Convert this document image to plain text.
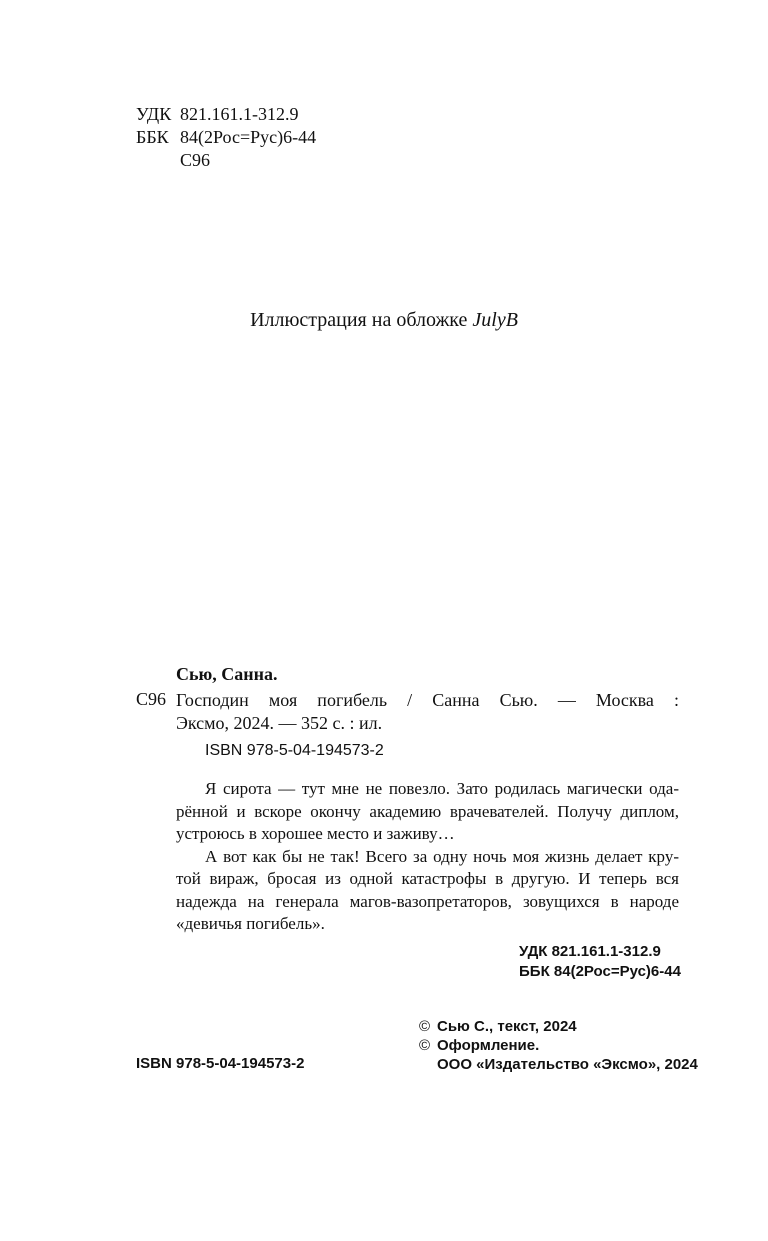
УДК 821.161.1-312.9
ББК 84(2Рос=Рус)6-44
С96
Иллюстрация на обложке JulyB
Сью, Санна.
С96 Господин моя погибель / Санна Сью. — Москва :
Эксмо, 2024. — 352 с. : ил.
ISBN 978-5-04-194573-2
Я сирота — тут мне не повезло. Зато родилась магически ода-
рённой и вскоре окончу академию врачевателей. Получу диплом,
устроюсь в хорошее место и заживу…
А вот как бы не так! Всего за одну ночь моя жизнь делает кру-
той вираж, бросая из одной катастрофы в другую. И теперь вся
надежда на генерала магов-вазопретаторов, зовущихся в народе
«девичья погибель».
УДК 821.161.1-312.9
ББК 84(2Рос=Рус)6-44
© Сью С., текст, 2024
© Оформление.
ООО «Издательство «Эксмо», 2024
ISBN 978-5-04-194573-2
